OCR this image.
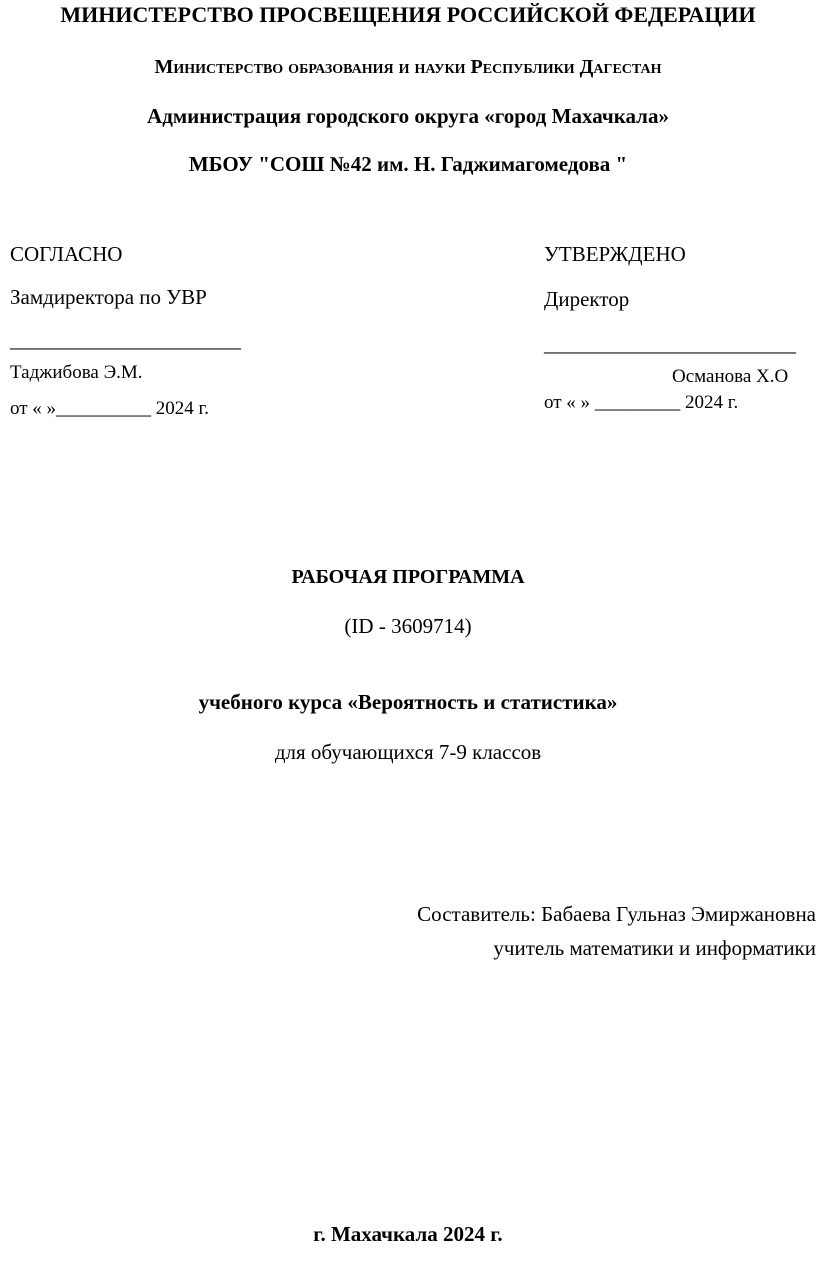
МИНИСТЕРСТВО ПРОСВЕЩЕНИЯ РОССИЙСКОЙ ФЕДЕРАЦИИ
Министерство образования и науки Республики Дагестан
Администрация городского округа «город Махачкала»
МБОУ "СОШ №42 им. Н. Гаджимагомедова "
СОГЛАСНО
Замдиректора по УВР
______________________
Таджибова Э.М.
от « »__________ 2024 г.
УТВЕРЖДЕНО
Директор
________________________
Османова Х.О
от « » _________ 2024 г.
РАБОЧАЯ ПРОГРАММА
(ID - 3609714)
учебного курса «Вероятность и статистика»
для обучающихся 7-9 классов
Составитель: Бабаева Гульназ Эмиржановна
учитель математики и информатики
г. Махачкала 2024 г.
